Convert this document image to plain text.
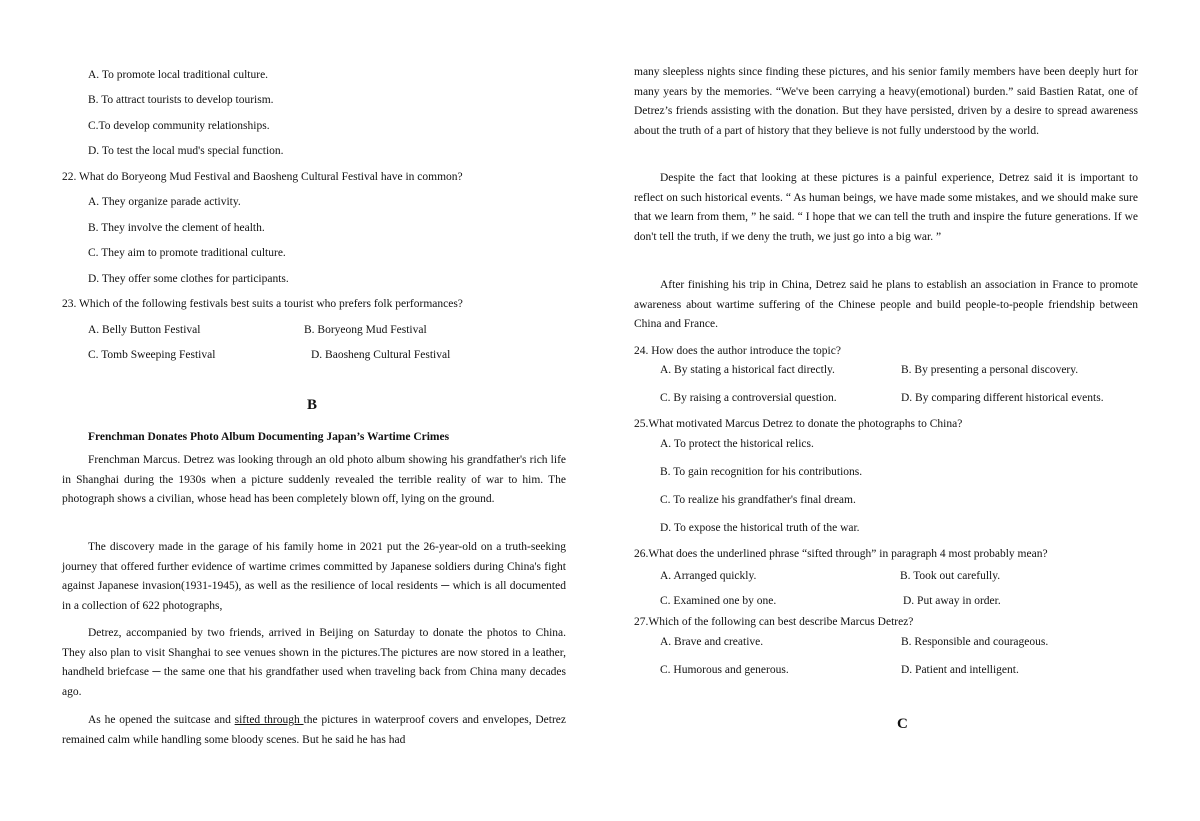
A. To promote local traditional culture.
B. To attract tourists to develop tourism.
C.To develop community relationships.
D. To test the local mud's special function.
22. What do Boryeong Mud Festival and Baosheng Cultural Festival have in common?
A. They organize parade activity.
B. They involve the clement of health.
C. They aim to promote traditional culture.
D. They offer some clothes for participants.
23. Which of the following festivals best suits a tourist who prefers folk performances?
A. Belly Button Festival	B. Boryeong Mud Festival
C. Tomb Sweeping Festival	D. Baosheng Cultural Festival
B
Frenchman Donates Photo Album Documenting Japan’s Wartime Crimes

Frenchman Marcus. Detrez was looking through an old photo album showing his grandfather's rich life in Shanghai during the 1930s when a picture suddenly revealed the terrible reality of war to him. The photograph shows a civilian, whose head has been completely blown off, lying on the ground.

The discovery made in the garage of his family home in 2021 put the 26-year-old on a truth-seeking journey that offered further evidence of wartime crimes committed by Japanese soldiers during China's fight against Japanese invasion(1931-1945), as well as the resilience of local residents ─ which is all documented in a collection of 622 photographs,

Detrez, accompanied by two friends, arrived in Beijing on Saturday to donate the photos to China. They also plan to visit Shanghai to see venues shown in the pictures.The pictures are now stored in a leather, handheld briefcase ─ the same one that his grandfather used when traveling back from China many decades ago.

As he opened the suitcase and sifted through the pictures in waterproof covers and envelopes, Detrez remained calm while handling some bloody scenes. But he said he has had

many sleepless nights since finding these pictures, and his senior family members have been deeply hurt for many years by the memories. “We've been carrying a heavy(emotional) burden.” said Bastien Ratat, one of Detrez’s friends assisting with the donation. But they have persisted, driven by a desire to spread awareness about the truth of a part of history that they believe is not fully understood by the world.

Despite the fact that looking at these pictures is a painful experience, Detrez said it is important to reflect on such historical events. “ As human beings, we have made some mistakes, and we should make sure that we learn from them, ” he said. “ I hope that we can tell the truth and inspire the future generations. If we don't tell the truth, if we deny the truth, we just go into a big war. ”

After finishing his trip in China, Detrez said he plans to establish an association in France to promote awareness about wartime suffering of the Chinese people and build people-to-people friendship between China and France.

24. How does the author introduce the topic?
A. By stating a historical fact directly.	B. By presenting a personal discovery.
C. By raising a controversial question.	D. By comparing different historical events.
25.What motivated Marcus Detrez to donate the photographs to China?
A. To protect the historical relics.
B. To gain recognition for his contributions.
C. To realize his grandfather's final dream.
D. To expose the historical truth of the war.
26.What does the underlined phrase “sifted through” in paragraph 4 most probably mean?
A. Arranged quickly.	B. Took out carefully.
C. Examined one by one.	D. Put away in order.
27.Which of the following can best describe Marcus Detrez?
A. Brave and creative.	B. Responsible and courageous.
C. Humorous and generous.	D. Patient and intelligent.
C
